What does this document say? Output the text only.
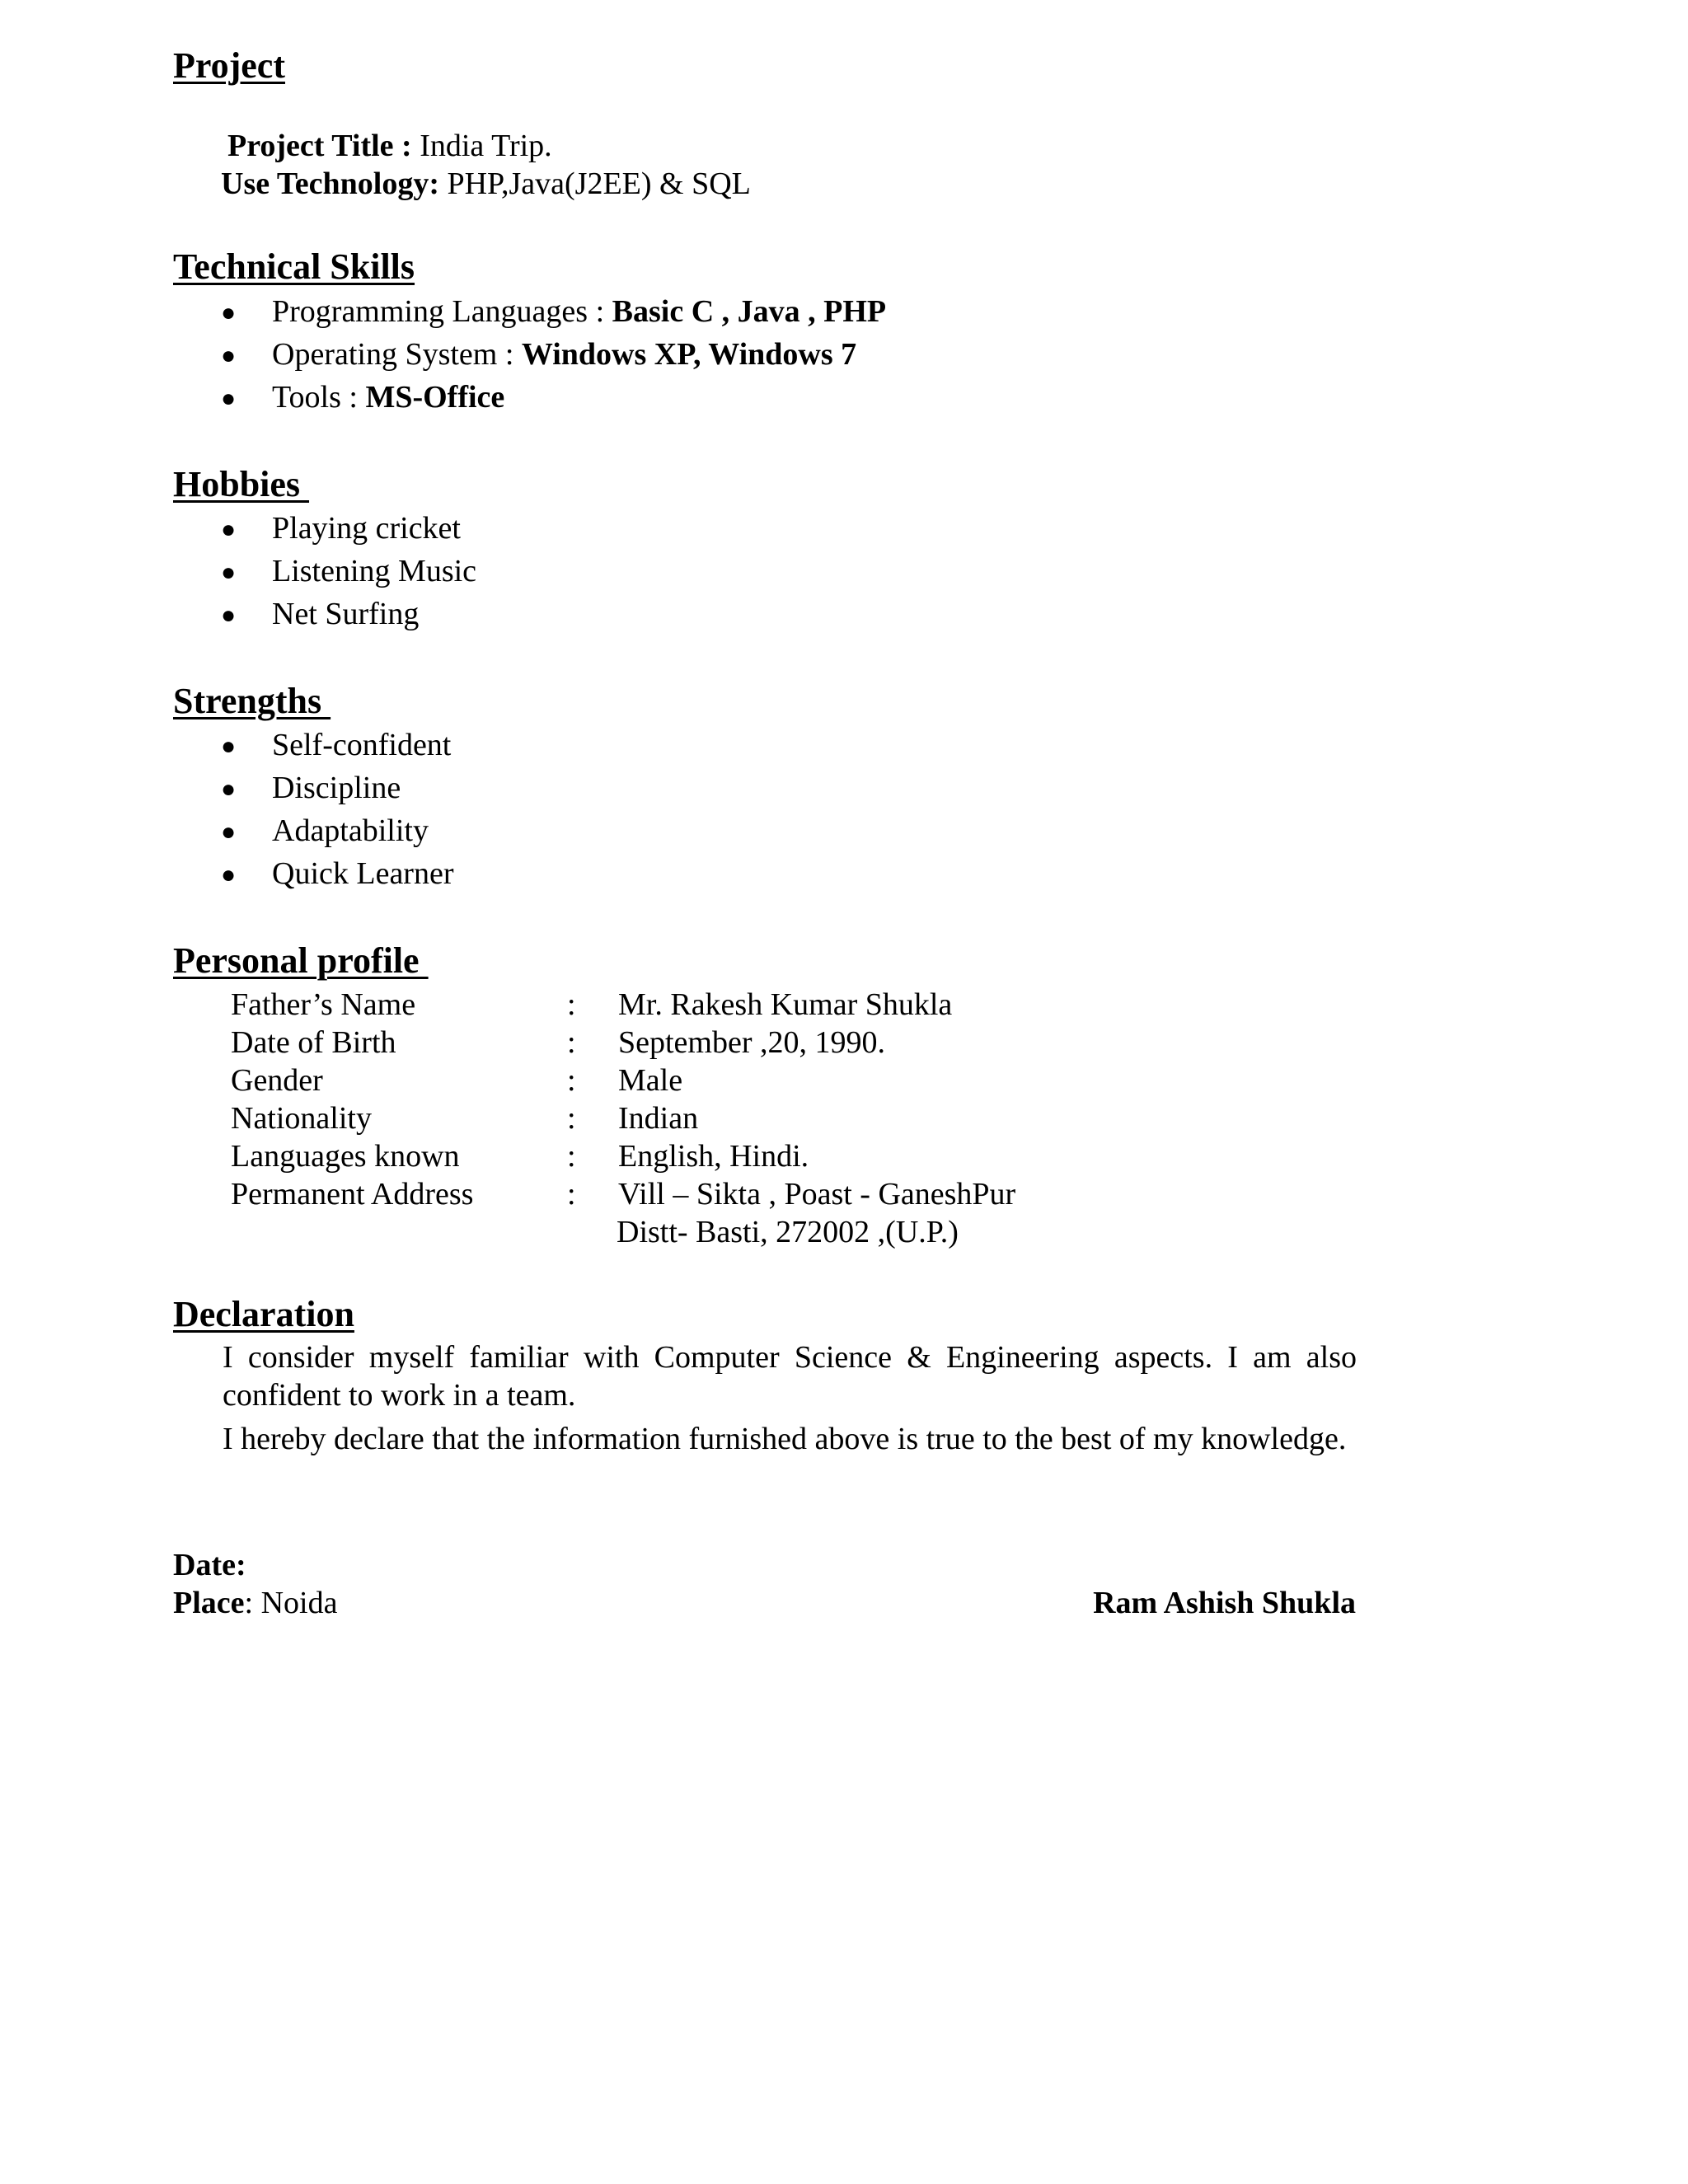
Project
Project Title : India Trip.
Use Technology: PHP,Java(J2EE) & SQL
Technical Skills
● Programming Languages : Basic C , Java , PHP
● Operating System : Windows XP, Windows 7
● Tools : MS-Office
Hobbies
● Playing cricket
● Listening Music
● Net Surfing
Strengths
● Self-confident
● Discipline
● Adaptability
● Quick Learner
Personal profile
Father’s Name	: Mr. Rakesh Kumar Shukla
Date of Birth	: September ,20, 1990.
Gender	: Male
Nationality	: Indian
Languages known	: English, Hindi.
Permanent Address	: Vill – Sikta , Poast - GaneshPur
Distt- Basti, 272002 ,(U.P.)
Declaration
I consider myself familiar with Computer Science & Engineering aspects. I am also confident to work in a team.
I hereby declare that the information furnished above is true to the best of my knowledge.
Date:
Place: Noida	Ram Ashish Shukla
